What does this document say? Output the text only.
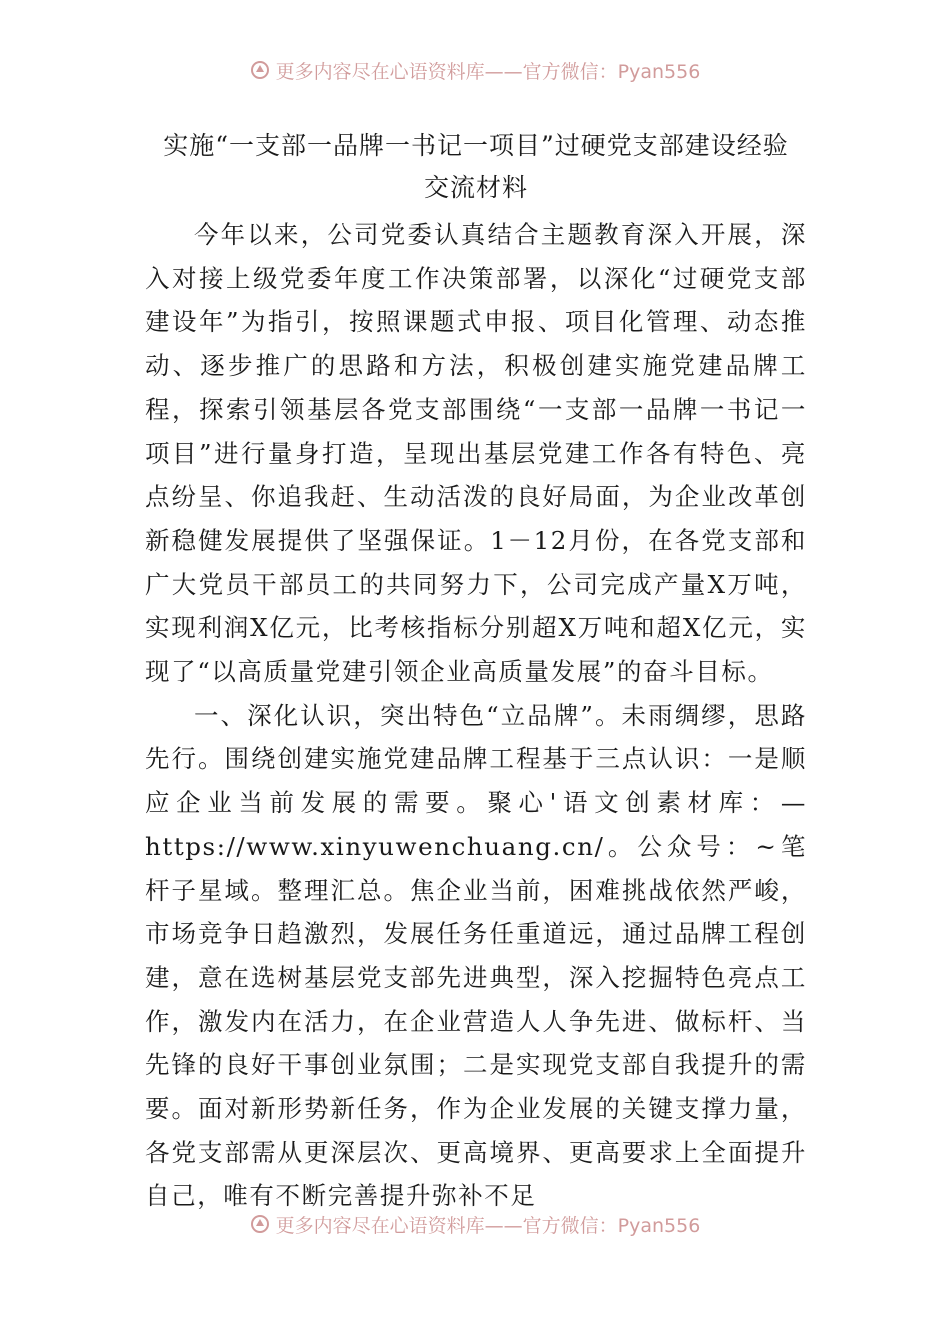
更多内容尽在心语资料库——官方微信：Pyan556
实施“一支部一品牌一书记一项目”过硬党支部建设经验
交流材料

今年以来，公司党委认真结合主题教育深入开展，深入对接上级党委年度工作决策部署，以深化“过硬党支部建设年”为指引，按照课题式申报、项目化管理、动态推动、逐步推广的思路和方法，积极创建实施党建品牌工程，探索引领基层各党支部围绕“一支部一品牌一书记一项目”进行量身打造，呈现出基层党建工作各有特色、亮点纷呈、你追我赶、生动活泼的良好局面，为企业改革创新稳健发展提供了坚强保证。1－12月份，在各党支部和广大党员干部员工的共同努力下，公司完成产量X万吨，实现利润X亿元，比考核指标分别超X万吨和超X亿元，实现了“以高质量党建引领企业高质量发展”的奋斗目标。

一、深化认识，突出特色“立品牌”。未雨绸缪，思路先行。围绕创建实施党建品牌工程基于三点认识：一是顺应企业当前发展的需要。聚心'语文创素材库：—https://www.xinyuwenchuang.cn/。公众号：~笔杆子星域。整理汇总。焦企业当前，困难挑战依然严峻，市场竞争日趋激烈，发展任务任重道远，通过品牌工程创建，意在选树基层党支部先进典型，深入挖掘特色亮点工作，激发内在活力，在企业营造人人争先进、做标杆、当先锋的良好干事创业氛围；二是实现党支部自我提升的需要。面对新形势新任务，作为企业发展的关键支撑力量，各党支部需从更深层次、更高境界、更高要求上全面提升自己，唯有不断完善提升弥补不足

更多内容尽在心语资料库——官方微信：Pyan556
